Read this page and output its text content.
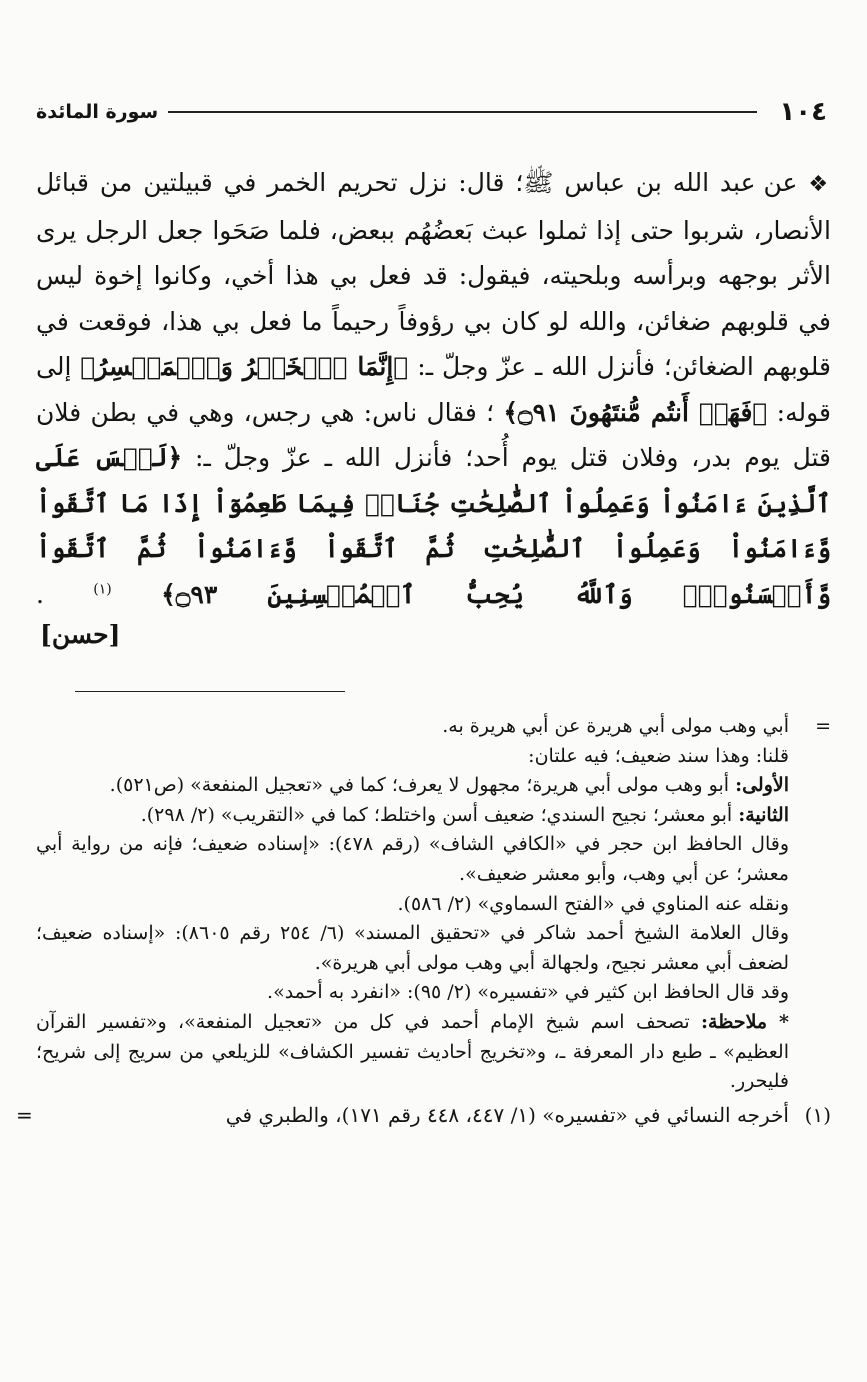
١٠٤
سورة المائدة

❖ عن عبد الله بن عباس ﷺ؛ قال: نزل تحريم الخمر في قبيلتين من قبائل الأنصار، شربوا حتى إذا ثملوا عبث بَعضُهُم ببعض، فلما صَحَوا جعل الرجل يرى الأثر بوجهه وبرأسه وبلحيته، فيقول: قد فعل بي هذا أخي، وكانوا إخوة ليس في قلوبهم ضغائن، والله لو كان بي رؤوفاً رحيماً ما فعل بي هذا، فوقعت في قلوبهم الضغائن؛ فأنزل الله ـ عزّ وجلّ ـ: ﴿إِنَّمَا ٱلۡخَمۡرُ وَٱلۡمَيۡسِرُ﴾ إلى قوله: ﴿فَهَلۡ أَنتُم مُّنتَهُونَ ۝٩١﴾ ؛ فقال ناس: هي رجس، وهي في بطن فلان قتل يوم بدر، وفلان قتل يوم أُحد؛ فأنزل الله ـ عزّ وجلّ ـ: ﴿لَيۡسَ عَلَى ٱلَّذِينَ ءَامَنُواْ وَعَمِلُواْ ٱلصَّٰلِحَٰتِ جُنَاحٞ فِيمَا طَعِمُوٓاْ إِذَا مَا ٱتَّقَواْ وَّءَامَنُواْ وَعَمِلُواْ ٱلصَّٰلِحَٰتِ ثُمَّ ٱتَّقَواْ وَّءَامَنُواْ ثُمَّ ٱتَّقَواْ وَّأَحۡسَنُواْۚ وَٱللَّهُ يُحِبُّ ٱلۡمُحۡسِنِينَ ۝٩٣﴾ $^{(١)}$ .

[حسن]

=
أبي وهب مولى أبي هريرة عن أبي هريرة به.

قلنا: وهذا سند ضعيف؛ فيه علتان:

الأولى: أبو وهب مولى أبي هريرة؛ مجهول لا يعرف؛ كما في «تعجيل المنفعة» (ص٥٢١).

الثانية: أبو معشر؛ نجيح السندي؛ ضعيف أسن واختلط؛ كما في «التقريب» (٢/ ٢٩٨).

وقال الحافظ ابن حجر في «الكافي الشاف» (رقم ٤٧٨): «إسناده ضعيف؛ فإنه من رواية أبي معشر؛ عن أبي وهب، وأبو معشر ضعيف».

ونقله عنه المناوي في «الفتح السماوي» (٢/ ٥٨٦).

وقال العلامة الشيخ أحمد شاكر في «تحقيق المسند» (٦/ ٢٥٤ رقم ٨٦٠٥): «إسناده ضعيف؛ لضعف أبي معشر نجيح، ولجهالة أبي وهب مولى أبي هريرة».

وقد قال الحافظ ابن كثير في «تفسيره» (٢/ ٩٥): «انفرد به أحمد».

* ملاحظة: تصحف اسم شيخ الإمام أحمد في كل من «تعجيل المنفعة»، و«تفسير القرآن العظيم» ـ طبع دار المعرفة ـ، و«تخريج أحاديث تفسير الكشاف» للزيلعي من سريج إلى شريح؛ فليحرر.

(١)
أخرجه النسائي في «تفسيره» (١/ ٤٤٧، ٤٤٨ رقم ١٧١)، والطبري في
=
